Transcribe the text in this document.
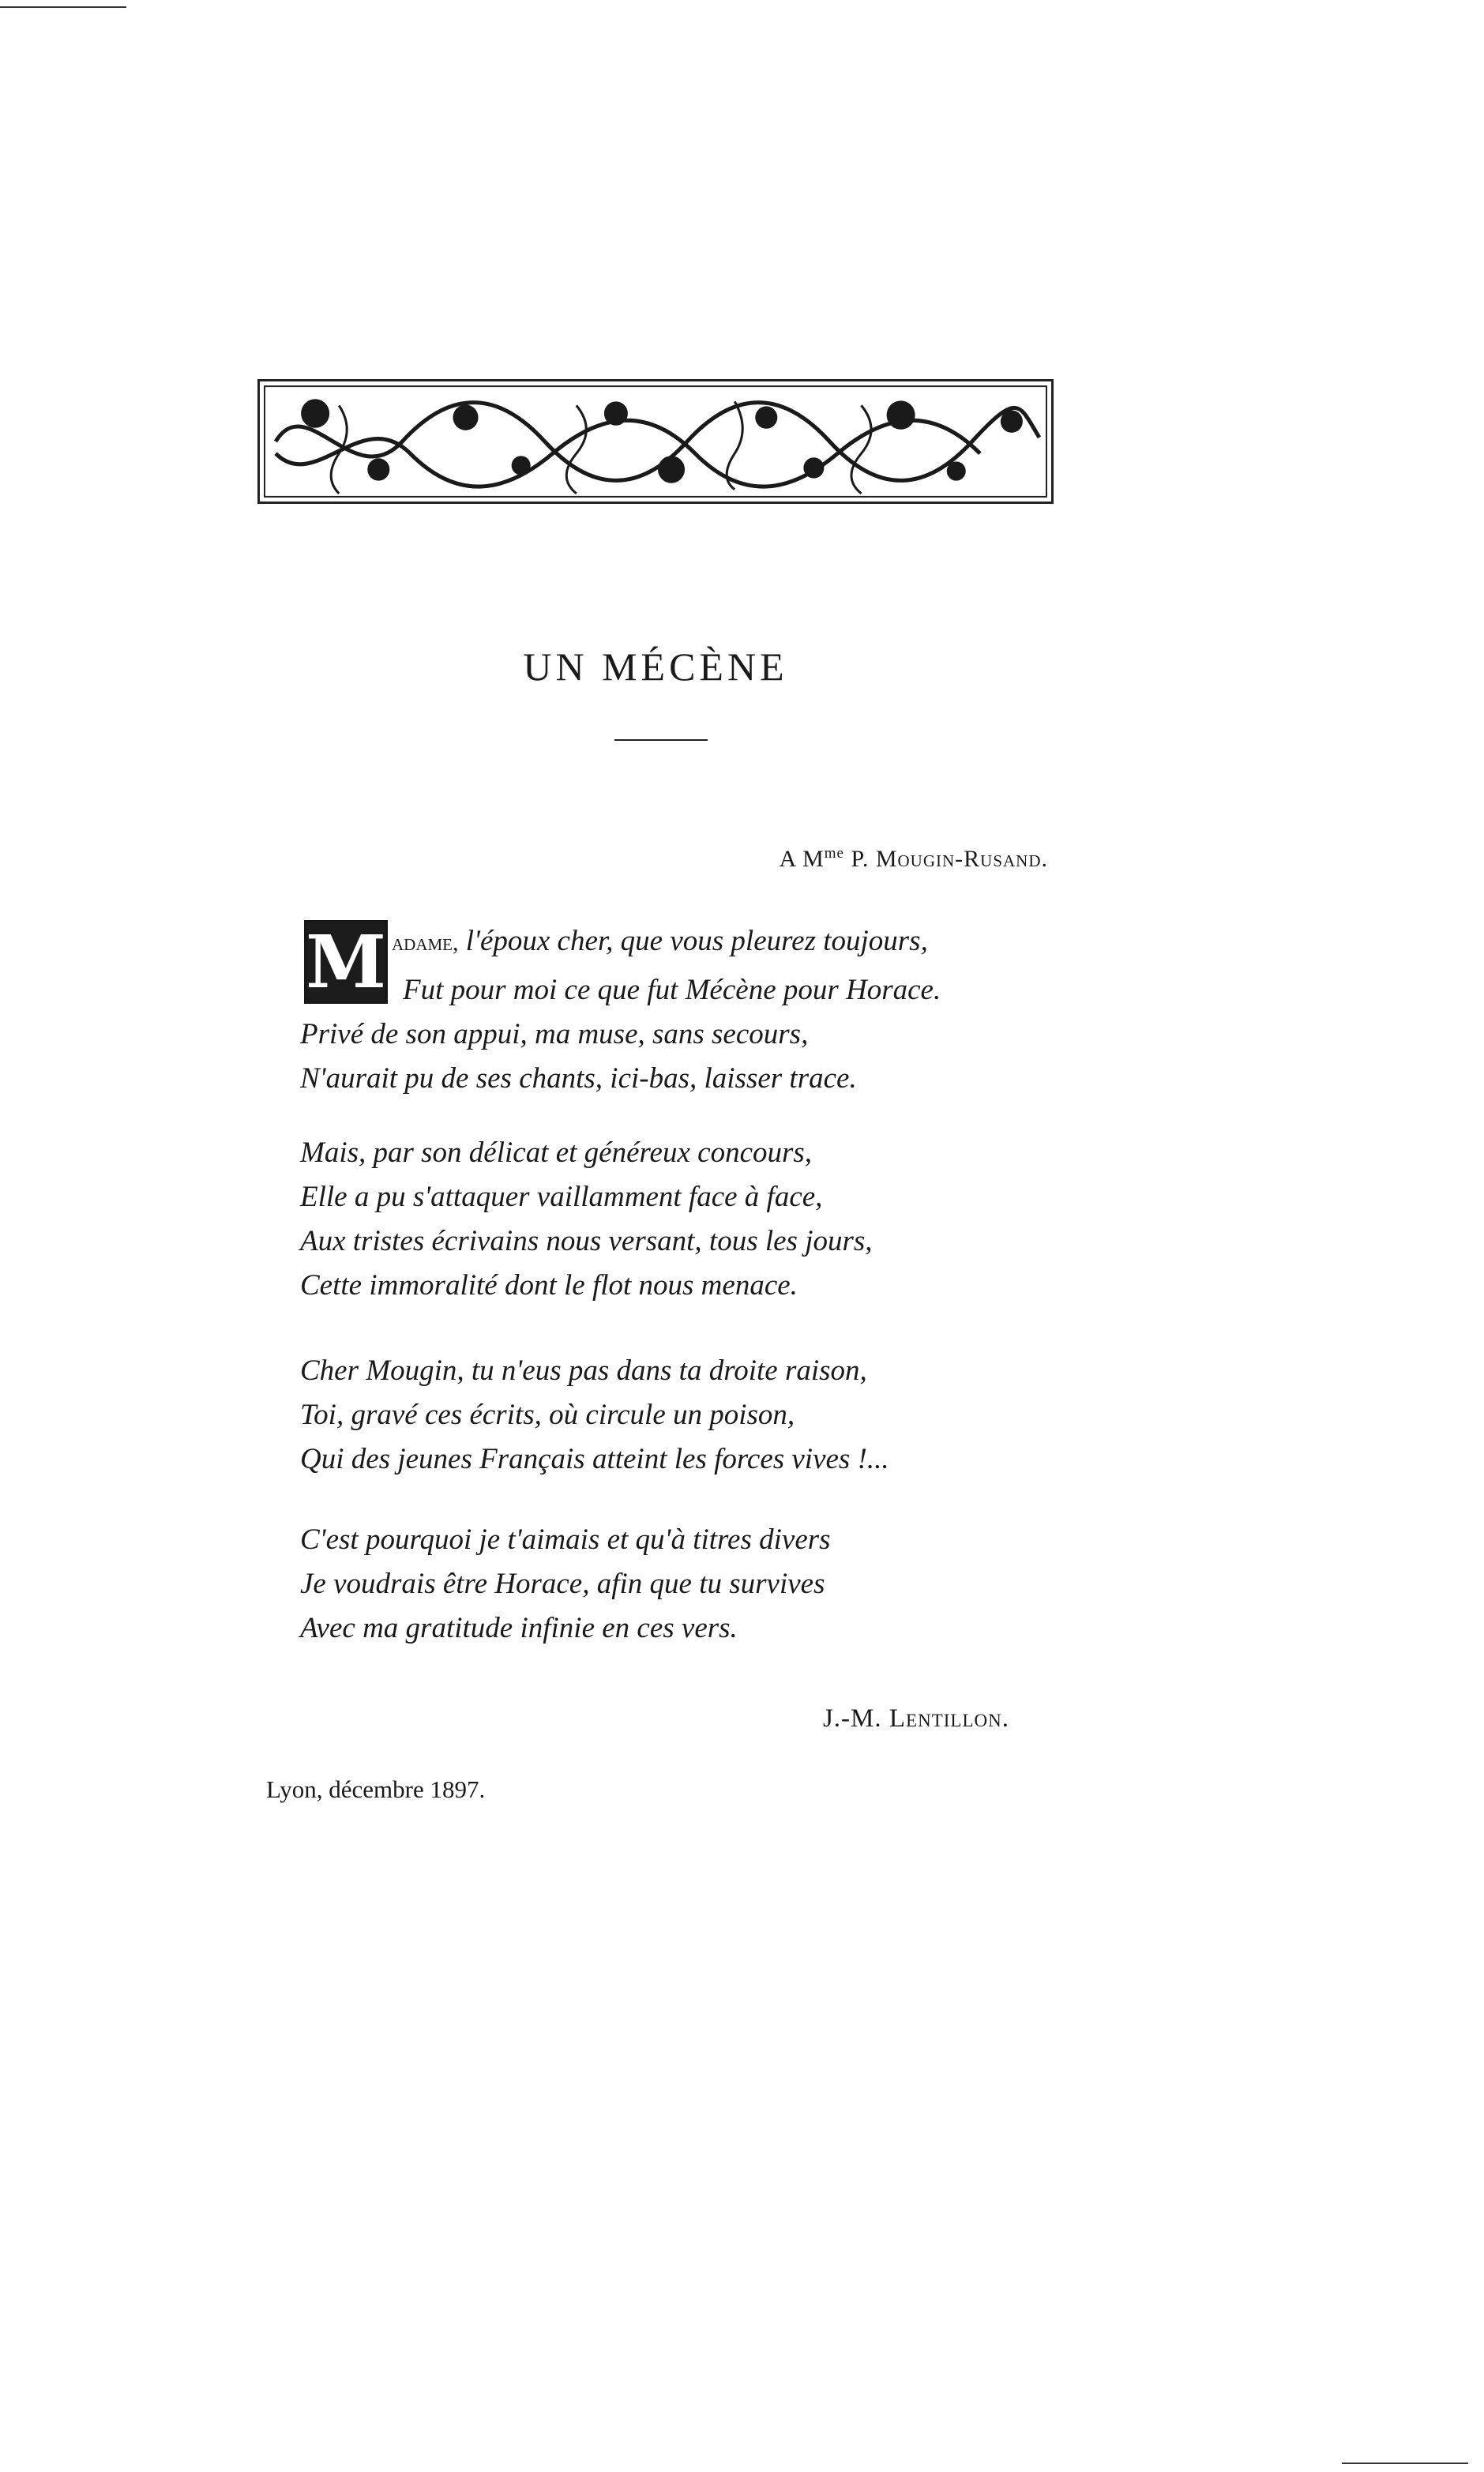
UN MÉCÈNE
A $M^{me}$ P. Mougin-Rusand.
M adame, l'époux cher, que vous pleurez toujours,
Fut pour moi ce que fut Mécène pour Horace.
Privé de son appui, ma muse, sans secours,
N'aurait pu de ses chants, ici-bas, laisser trace.
Mais, par son délicat et généreux concours,
Elle a pu s'attaquer vaillamment face à face,
Aux tristes écrivains nous versant, tous les jours,
Cette immoralité dont le flot nous menace.
Cher Mougin, tu n'eus pas dans ta droite raison,
Toi, gravé ces écrits, où circule un poison,
Qui des jeunes Français atteint les forces vives !...
C'est pourquoi je t'aimais et qu'à titres divers
Je voudrais être Horace, afin que tu survives
Avec ma gratitude infinie en ces vers.
J.-M. Lentillon.
Lyon, décembre 1897.
